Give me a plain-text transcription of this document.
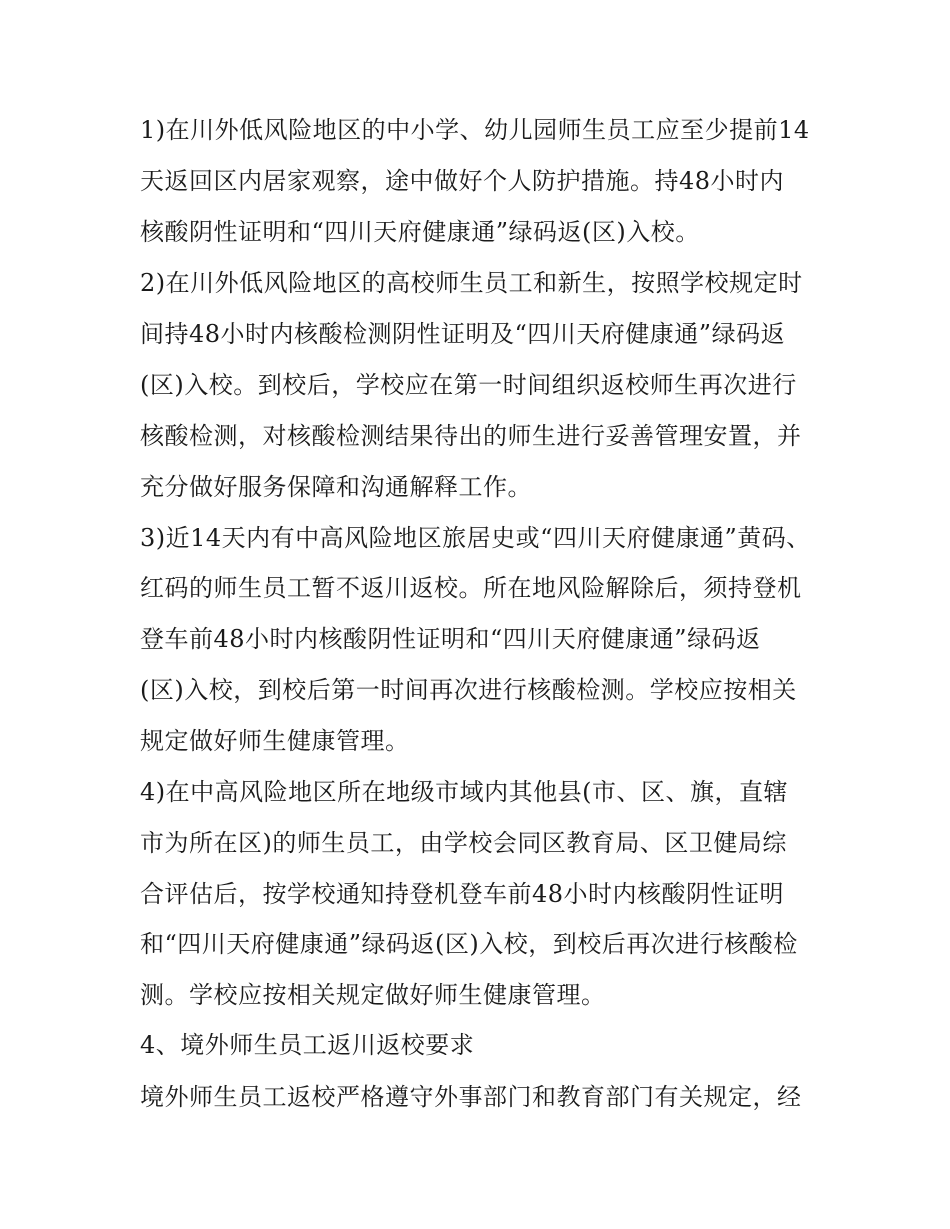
1)在川外低风险地区的中小学、幼儿园师生员工应至少提前14
天返回区内居家观察，途中做好个人防护措施。持48小时内
核酸阴性证明和“四川天府健康通”绿码返(区)入校。
2)在川外低风险地区的高校师生员工和新生，按照学校规定时
间持48小时内核酸检测阴性证明及“四川天府健康通”绿码返
(区)入校。到校后，学校应在第一时间组织返校师生再次进行
核酸检测，对核酸检测结果待出的师生进行妥善管理安置，并
充分做好服务保障和沟通解释工作。
3)近14天内有中高风险地区旅居史或“四川天府健康通”黄码、
红码的师生员工暂不返川返校。所在地风险解除后，须持登机
登车前48小时内核酸阴性证明和“四川天府健康通”绿码返
(区)入校，到校后第一时间再次进行核酸检测。学校应按相关
规定做好师生健康管理。
4)在中高风险地区所在地级市域内其他县(市、区、旗，直辖
市为所在区)的师生员工，由学校会同区教育局、区卫健局综
合评估后，按学校通知持登机登车前48小时内核酸阴性证明
和“四川天府健康通”绿码返(区)入校，到校后再次进行核酸检
测。学校应按相关规定做好师生健康管理。
4、境外师生员工返川返校要求
境外师生员工返校严格遵守外事部门和教育部门有关规定，经
